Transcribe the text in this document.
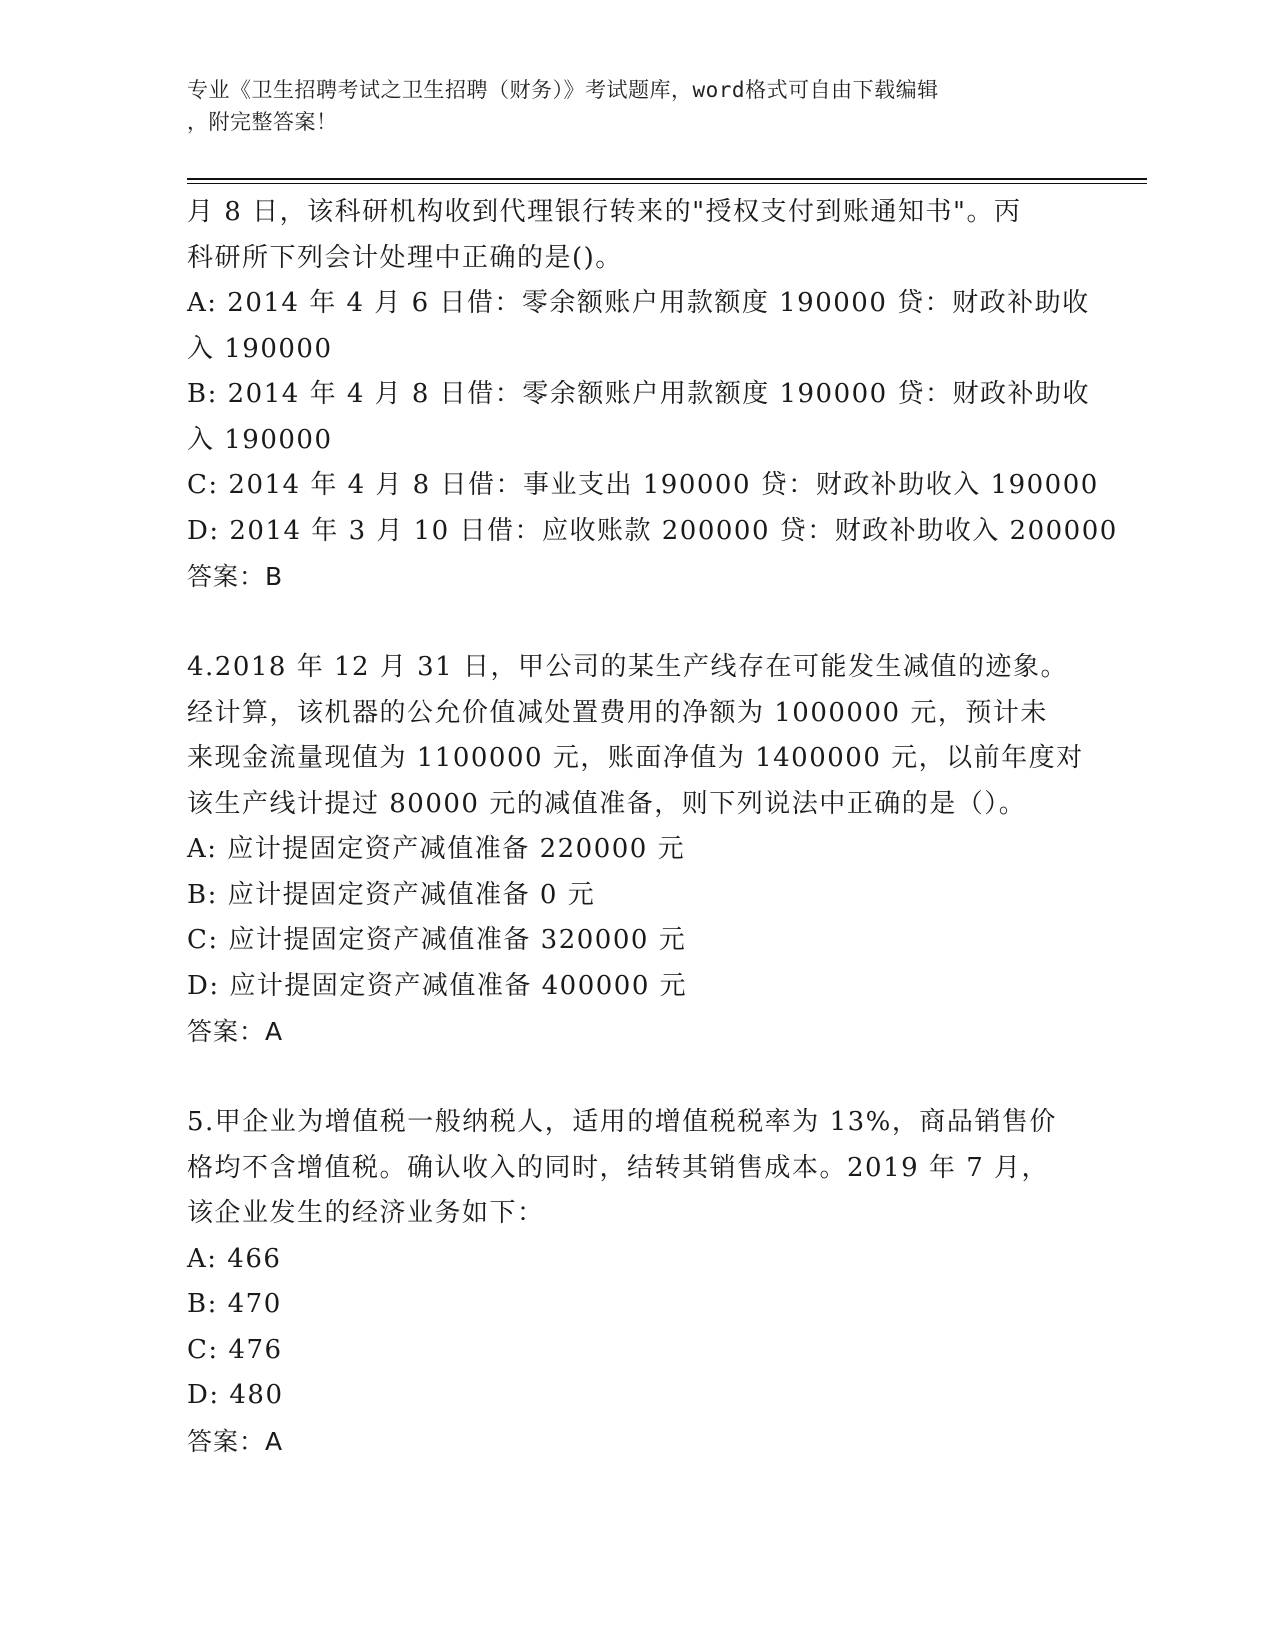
专业《卫生招聘考试之卫生招聘（财务）》考试题库，word格式可自由下载编辑
，附完整答案！
月 8 日，该科研机构收到代理银行转来的"授权支付到账通知书"。丙
科研所下列会计处理中正确的是()。
A: 2014 年 4 月 6 日借：零余额账户用款额度 190000 贷：财政补助收
入 190000
B: 2014 年 4 月 8 日借：零余额账户用款额度 190000 贷：财政补助收
入 190000
C: 2014 年 4 月 8 日借：事业支出 190000 贷：财政补助收入 190000
D: 2014 年 3 月 10 日借：应收账款 200000 贷：财政补助收入 200000
答案：B
4.2018 年 12 月 31 日，甲公司的某生产线存在可能发生减值的迹象。
经计算，该机器的公允价值减处置费用的净额为 1000000 元，预计未
来现金流量现值为 1100000 元，账面净值为 1400000 元，以前年度对
该生产线计提过 80000 元的减值准备，则下列说法中正确的是（）。
A: 应计提固定资产减值准备 220000 元
B: 应计提固定资产减值准备 0 元
C: 应计提固定资产减值准备 320000 元
D: 应计提固定资产减值准备 400000 元
答案：A
5.甲企业为增值税一般纳税人，适用的增值税税率为 13%，商品销售价
格均不含增值税。确认收入的同时，结转其销售成本。2019 年 7 月，
该企业发生的经济业务如下：
A: 466
B: 470
C: 476
D: 480
答案：A
